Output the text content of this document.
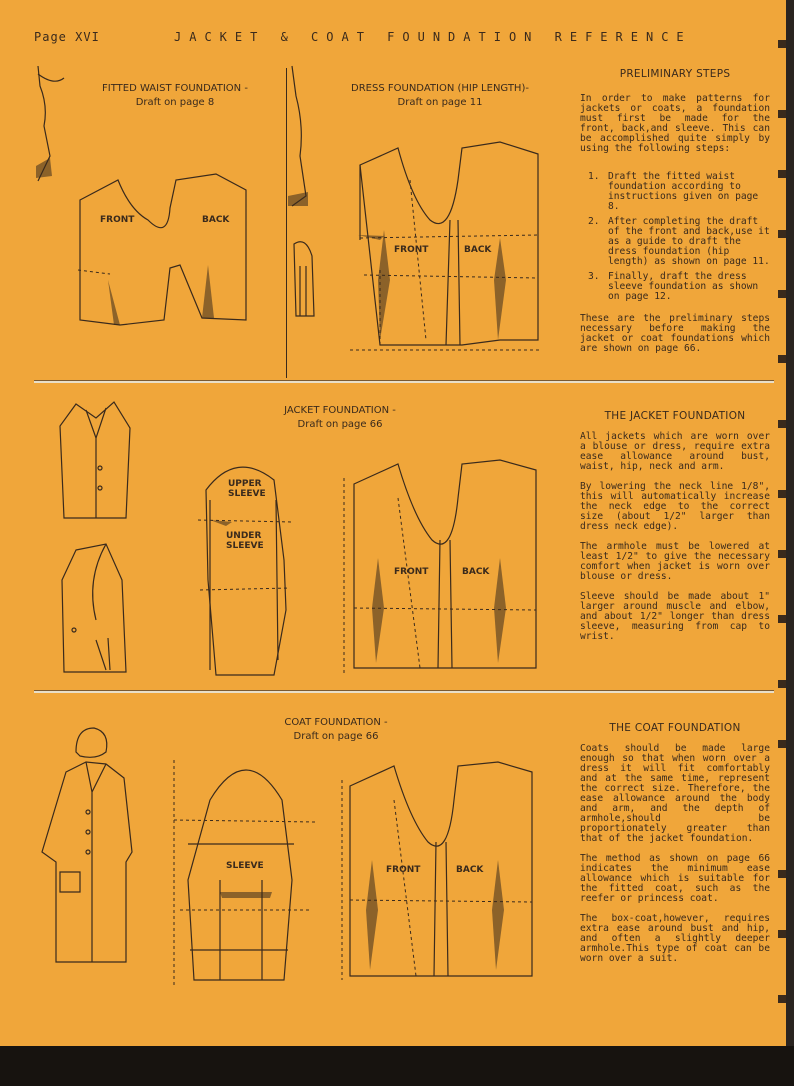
Page XVI	JACKET & COAT FOUNDATION REFERENCE
FITTED WAIST FOUNDATION -
Draft on page 8
DRESS FOUNDATION (HIP LENGTH)-
Draft on page 11
FRONT	BACK
FRONT	BACK
PRELIMINARY STEPS

In order to make patterns for jackets or coats, a foundation must first be made for the front, back,and sleeve. This can be accomplished quite simply by using the following steps:

1. Draft the fitted waist foundation according to instructions given on page 8.
2. After completing the draft of the front and back,use it as a guide to draft the dress foundation (hip length) as shown on page 11.
3. Finally, draft the dress sleeve foundation as shown on page 12.

These are the preliminary steps necessary before making the jacket or coat foundations which are shown on page 66.

JACKET FOUNDATION -
Draft on page 66
UPPER
SLEEVE
UNDER
SLEEVE
FRONT	BACK
THE JACKET FOUNDATION

All jackets which are worn over a blouse or dress, require extra ease allowance around bust, waist, hip, neck and arm.

By lowering the neck line 1/8", this will automatically increase the neck edge to the correct size (about 1/2" larger than dress neck edge).

The armhole must be lowered at least 1/2" to give the necessary comfort when jacket is worn over blouse or dress.

Sleeve should be made about 1" larger around muscle and elbow, and about 1/2" longer than dress sleeve, measuring from cap to wrist.

COAT FOUNDATION -
Draft on page 66
SLEEVE	FRONT	BACK
THE COAT FOUNDATION

Coats should be made large enough so that when worn over a dress it will fit comfortably and at the same time, represent the correct size. Therefore, the ease allowance around the body and arm, and the depth of armhole,should be proportionately greater than that of the jacket foundation.

The method as shown on page 66 indicates the minimum ease allowance which is suitable for the fitted coat, such as the reefer or princess coat.

The box-coat,however, requires extra ease around bust and hip, and often a slightly deeper armhole.This type of coat can be worn over a suit.
